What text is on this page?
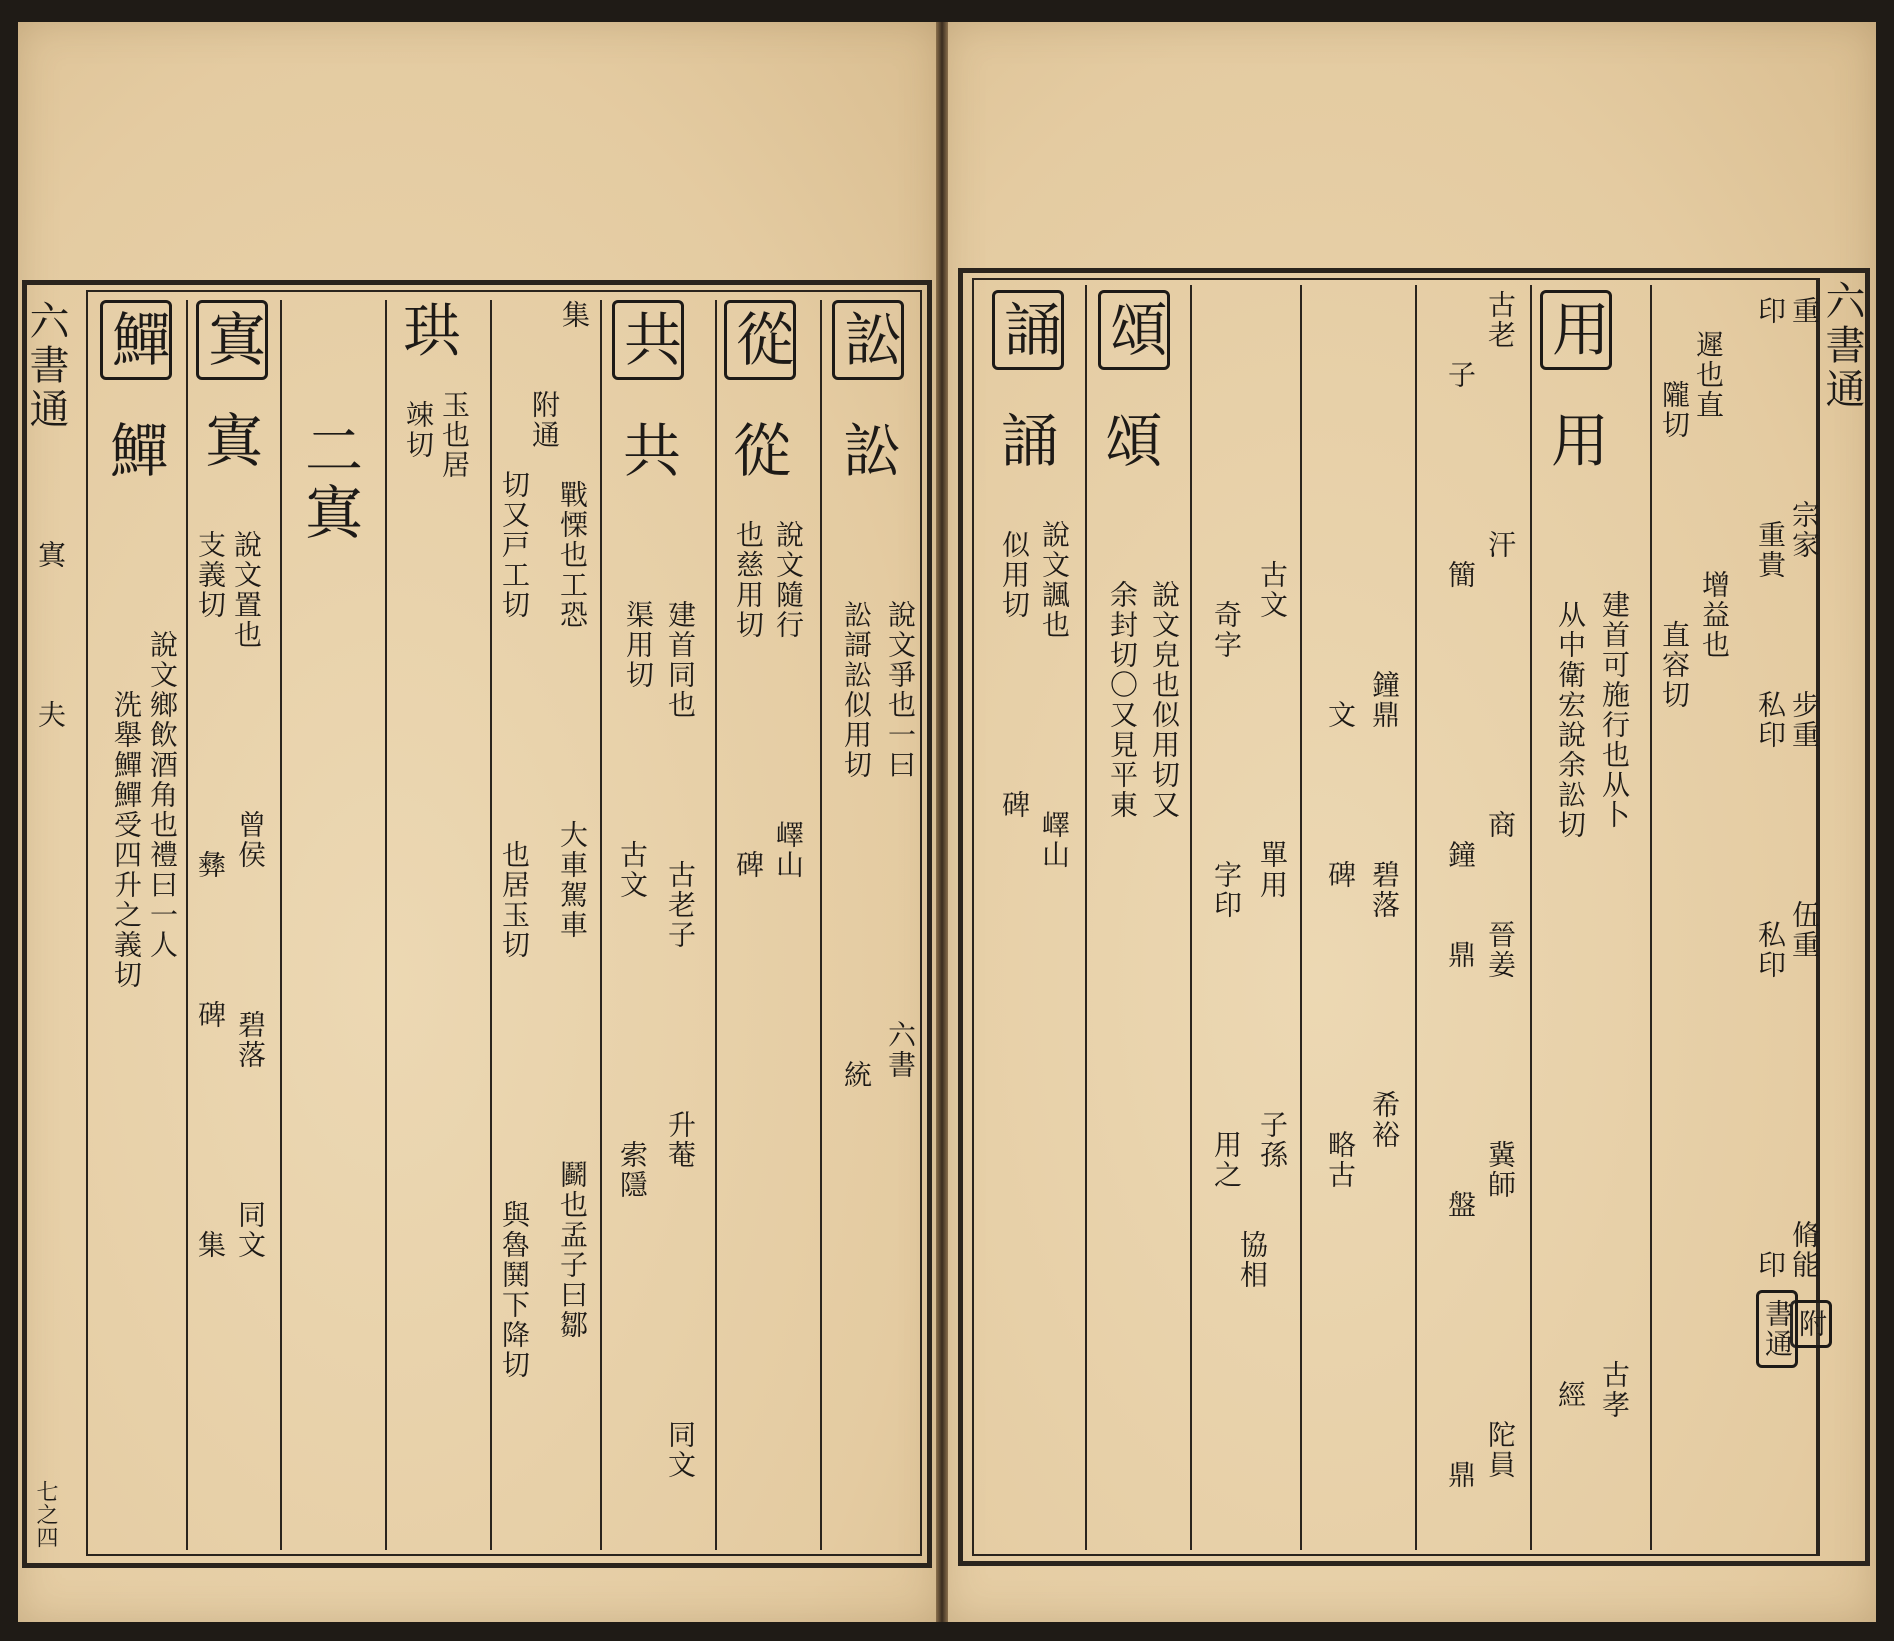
六書通
寘
夫
七之四
鱓
鱓
說文鄉飲酒角也禮曰一人
洗舉鱓鱓受四升之義切
寘
寘
說文置也
支義切
曾侯
彝
碑 碧落
同文
集
二寘
珙
玉也居
竦切
集
附通
戰慄也工恐
切又戸工切
大車駕車
也居玉切
鬬也孟子曰鄒
與魯鬨下降切
共
共
建首同也
渠用切
古文 古老子
升菴
索隱
同文
從
從
說文隨行
也慈用切
嶧山
碑
訟
訟
說文爭也一曰
訟謌訟似用切
六書
統
六書通
誦
誦
說文諷也
似用切
嶧山
碑
頌
頌
說文皃也似用切又
余封切〇又見平東	古文
奇字
單用
字印
子孫
用之
協相
鐘鼎
文
碑 碧落
希裕
略古
古老
子
汗
簡
商
鐘
晉姜
鼎
冀師
盤
陀員
鼎
用
用
建首可施行也从卜
从中衛宏說余訟切
古孝
經
遲也直
隴切
增益也
直容切
重
印
宗家
重貴
步重
私印
伍重
私印
脩能
印
附
書通
